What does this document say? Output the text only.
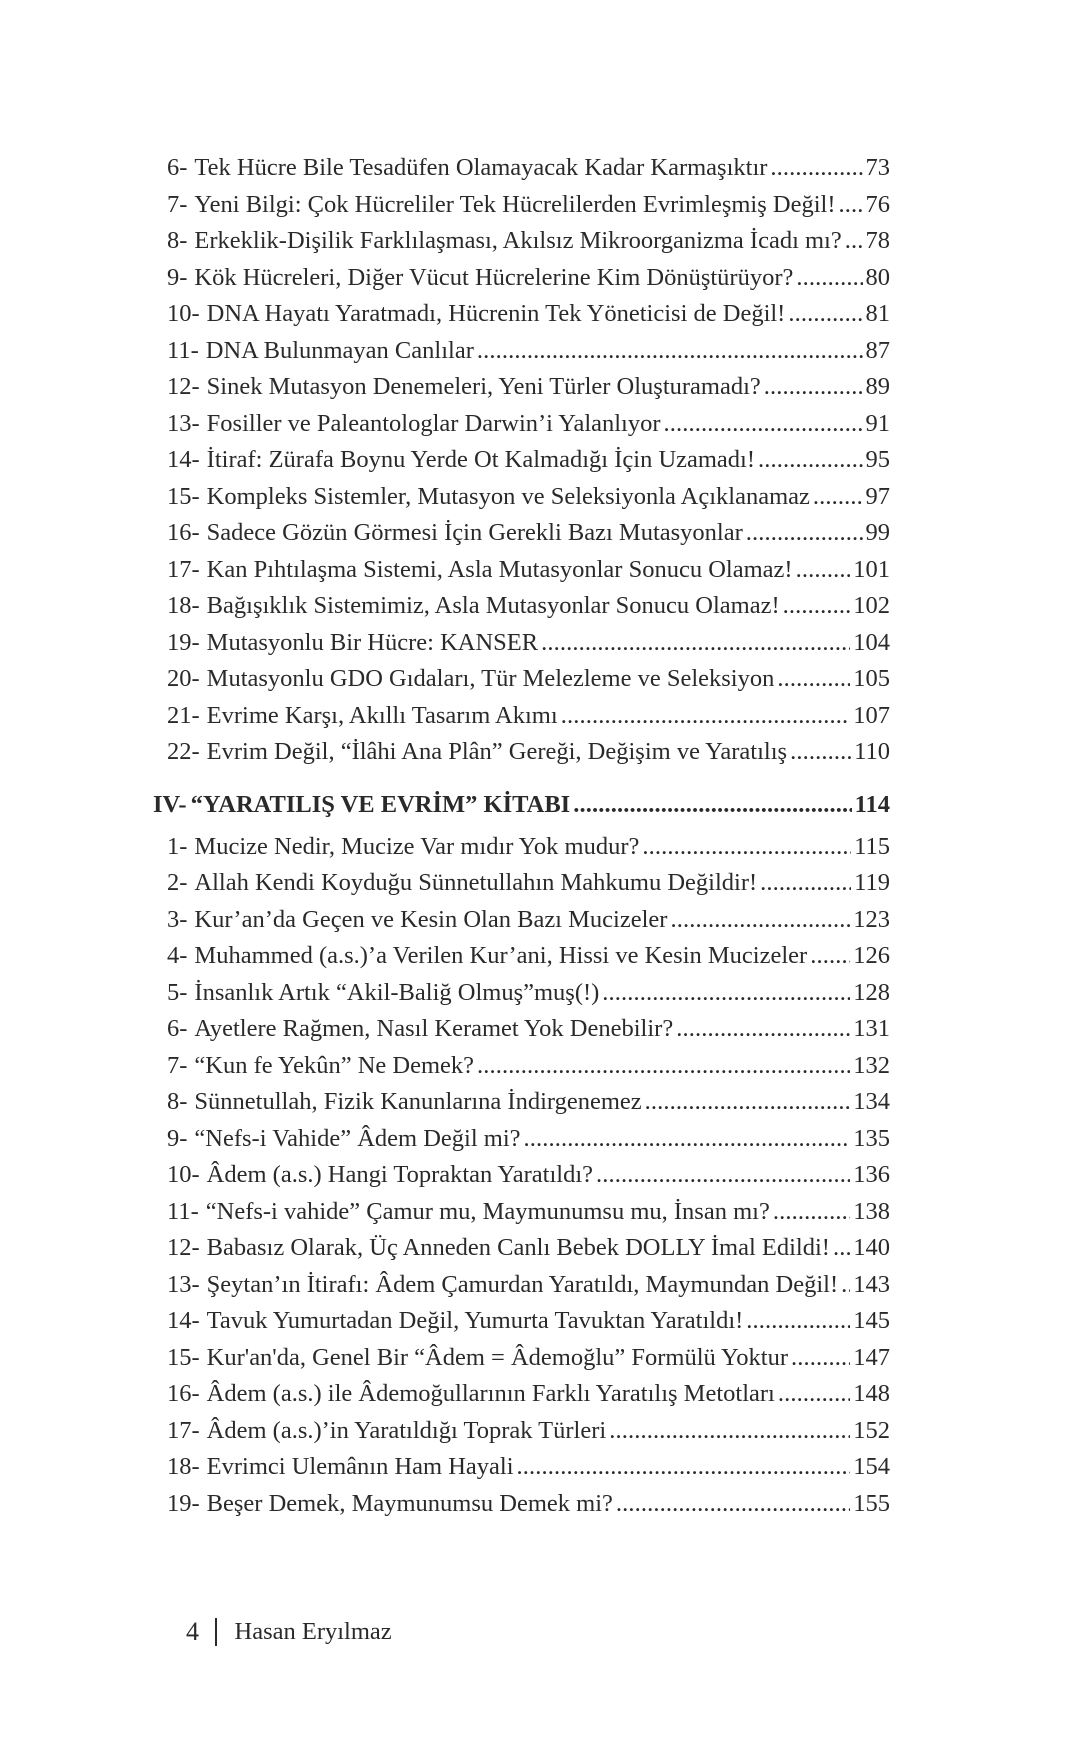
6- Tek Hücre Bile Tesadüfen Olamayacak Kadar Karmaşıktır . . .	73
7- Yeni Bilgi: Çok Hücreliler Tek Hücrelilerden Evrimleşmiş Değil! . . . 76
8- Erkeklik-Dişilik Farklılaşması, Akılsız Mikroorganizma İcadı mı? . . . 78
9- Kök Hücreleri, Diğer Vücut Hücrelerine Kim Dönüştürüyor? . . .	80
10- DNA Hayatı Yaratmadı, Hücrenin Tek Yöneticisi de Değil! . . .	81
11- DNA Bulunmayan Canlılar . . .	87
12- Sinek Mutasyon Denemeleri, Yeni Türler Oluşturamadı? . . .	89
13- Fosiller ve Paleantologlar Darwin’i Yalanlıyor . . .	91
14- İtiraf: Zürafa Boynu Yerde Ot Kalmadığı İçin Uzamadı! . . .	95
15- Kompleks Sistemler, Mutasyon ve Seleksiyonla Açıklanamaz . . . 97
16- Sadece Gözün Görmesi İçin Gerekli Bazı Mutasyonlar . . .	99
17- Kan Pıhtılaşma Sistemi, Asla Mutasyonlar Sonucu Olamaz! . . . 101
18- Bağışıklık Sistemimiz, Asla Mutasyonlar Sonucu Olamaz! . . .	102
19- Mutasyonlu Bir Hücre: KANSER . . .	104
20- Mutasyonlu GDO Gıdaları, Tür Melezleme ve Seleksiyon . . .	105
21- Evrime Karşı, Akıllı Tasarım Akımı . . .	107
22- Evrim Değil, “İlâhi Ana Plân” Gereği, Değişim ve Yaratılış . . .	110
IV- “YARATILIŞ VE EVRİM” KİTABI . . .	114
1- Mucize Nedir, Mucize Var mıdır Yok mudur? . . .	115
2- Allah Kendi Koyduğu Sünnetullahın Mahkumu Değildir! . . .	119
3- Kur’an’da Geçen ve Kesin Olan Bazı Mucizeler . . .	123
4- Muhammed (a.s.)’a Verilen Kur’ani, Hissi ve Kesin Mucizeler . . . 126
5- İnsanlık Artık “Akil-Baliğ Olmuş”muş(!) . . .	128
6- Ayetlere Rağmen, Nasıl Keramet Yok Denebilir? . . .	131
7- “Kun fe Yekûn” Ne Demek? . . .	132
8- Sünnetullah, Fizik Kanunlarına İndirgenemez . . .	134
9- “Nefs-i Vahide” Âdem Değil mi? . . .	135
10- Âdem (a.s.) Hangi Topraktan Yaratıldı? . . .	136
11- “Nefs-i vahide” Çamur mu, Maymunumsu mu, İnsan mı? . . .	138
12- Babasız Olarak, Üç Anneden Canlı Bebek DOLLY İmal Edildi! . . . 140
13- Şeytan’ın İtirafı: Âdem Çamurdan Yaratıldı, Maymundan Değil! . . . 143
14- Tavuk Yumurtadan Değil, Yumurta Tavuktan Yaratıldı! . . .	145
15- Kur'an'da, Genel Bir “Âdem = Âdemoğlu” Formülü Yoktur . . .	147
16- Âdem (a.s.) ile Âdemoğullarının Farklı Yaratılış Metotları . . .	148
17- Âdem (a.s.)’in Yaratıldığı Toprak Türleri . . .	152
18- Evrimci Ulemânın Ham Hayali . . .	154
19- Beşer Demek, Maymunumsu Demek mi? . . .	155
4 Hasan Eryılmaz
